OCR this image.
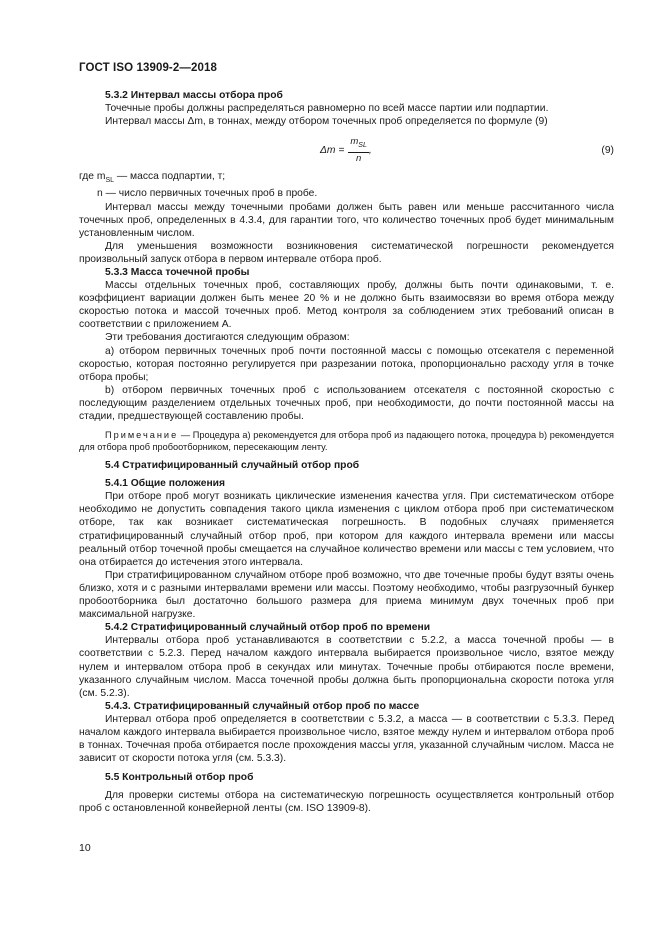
ГОСТ ISO 13909-2—2018
5.3.2 Интервал массы отбора проб

Точечные пробы должны распределяться равномерно по всей массе партии или подпартии.

Интервал массы Δm, в тоннах, между отбором точечных проб определяется по формуле (9)

$\Delta m = \frac{m_{SL}}{n}$ ,	(9)
где $m_{SL}$ — масса подпартии, т;
n — число первичных точечных проб в пробе.

Интервал массы между точечными пробами должен быть равен или меньше рассчитанного числа точечных проб, определенных в 4.3.4, для гарантии того, что количество точечных проб будет минимальным установленным числом.

Для уменьшения возможности возникновения систематической погрешности рекомендуется произвольный запуск отбора в первом интервале отбора проб.

5.3.3 Масса точечной пробы

Массы отдельных точечных проб, составляющих пробу, должны быть почти одинаковыми, т. е. коэффициент вариации должен быть менее 20 % и не должно быть взаимосвязи во время отбора между скоростью потока и массой точечных проб. Метод контроля за соблюдением этих требований описан в соответствии с приложением А.

Эти требования достигаются следующим образом:

а) отбором первичных точечных проб почти постоянной массы с помощью отсекателя с переменной скоростью, которая постоянно регулируется при разрезании потока, пропорционально расходу угля в точке отбора пробы;

b) отбором первичных точечных проб с использованием отсекателя с постоянной скоростью с последующим разделением отдельных точечных проб, при необходимости, до почти постоянной массы на стадии, предшествующей составлению пробы.

Примечание — Процедура а) рекомендуется для отбора проб из падающего потока, процедура b) рекомендуется для отбора проб пробоотборником, пересекающим ленту.
5.4 Стратифицированный случайный отбор проб
5.4.1 Общие положения

При отборе проб могут возникать циклические изменения качества угля. При систематическом отборе необходимо не допустить совпадения такого цикла изменения с циклом отбора проб при систематическом отборе, так как возникает систематическая погрешность. В подобных случаях применяется стратифицированный случайный отбор проб, при котором для каждого интервала времени или массы реальный отбор точечной пробы смещается на случайное количество времени или массы с тем условием, что она отбирается до истечения этого интервала.

При стратифицированном случайном отборе проб возможно, что две точечные пробы будут взяты очень близко, хотя и с разными интервалами времени или массы. Поэтому необходимо, чтобы разгрузочный бункер пробоотборника был достаточно большого размера для приема минимум двух точечных проб при максимальной нагрузке.

5.4.2 Стратифицированный случайный отбор проб по времени

Интервалы отбора проб устанавливаются в соответствии с 5.2.2, а масса точечной пробы — в соответствии с 5.2.3. Перед началом каждого интервала выбирается произвольное число, взятое между нулем и интервалом отбора проб в секундах или минутах. Точечные пробы отбираются после времени, указанного случайным числом. Масса точечной пробы должна быть пропорциональна скорости потока угля (см. 5.2.3).

5.4.3. Стратифицированный случайный отбор проб по массе

Интервал отбора проб определяется в соответствии с 5.3.2, а масса — в соответствии с 5.3.3. Перед началом каждого интервала выбирается произвольное число, взятое между нулем и интервалом отбора проб в тоннах. Точечная проба отбирается после прохождения массы угля, указанной случайным числом. Масса не зависит от скорости потока угля (см. 5.3.3).

5.5 Контрольный отбор проб

Для проверки системы отбора на систематическую погрешность осуществляется контрольный отбор проб с остановленной конвейерной ленты (см. ISO 13909-8).

10
